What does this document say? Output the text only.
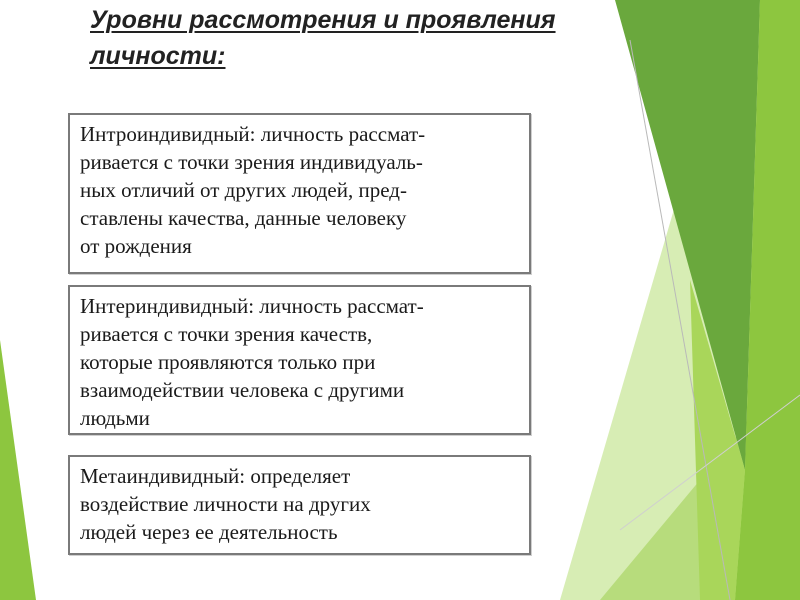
Уровни рассмотрения и проявления
личности:
Интроиндивидный: личность рассмат-
ривается с точки зрения индивидуаль-
ных отличий от других людей, пред-
ставлены качества, данные человеку
от рождения
Интериндивидный: личность рассмат-
ривается с точки зрения качеств,
которые проявляются только при
взаимодействии человека с другими
людьми
Метаиндивидный: определяет
воздействие личности на других
людей через ее деятельность
